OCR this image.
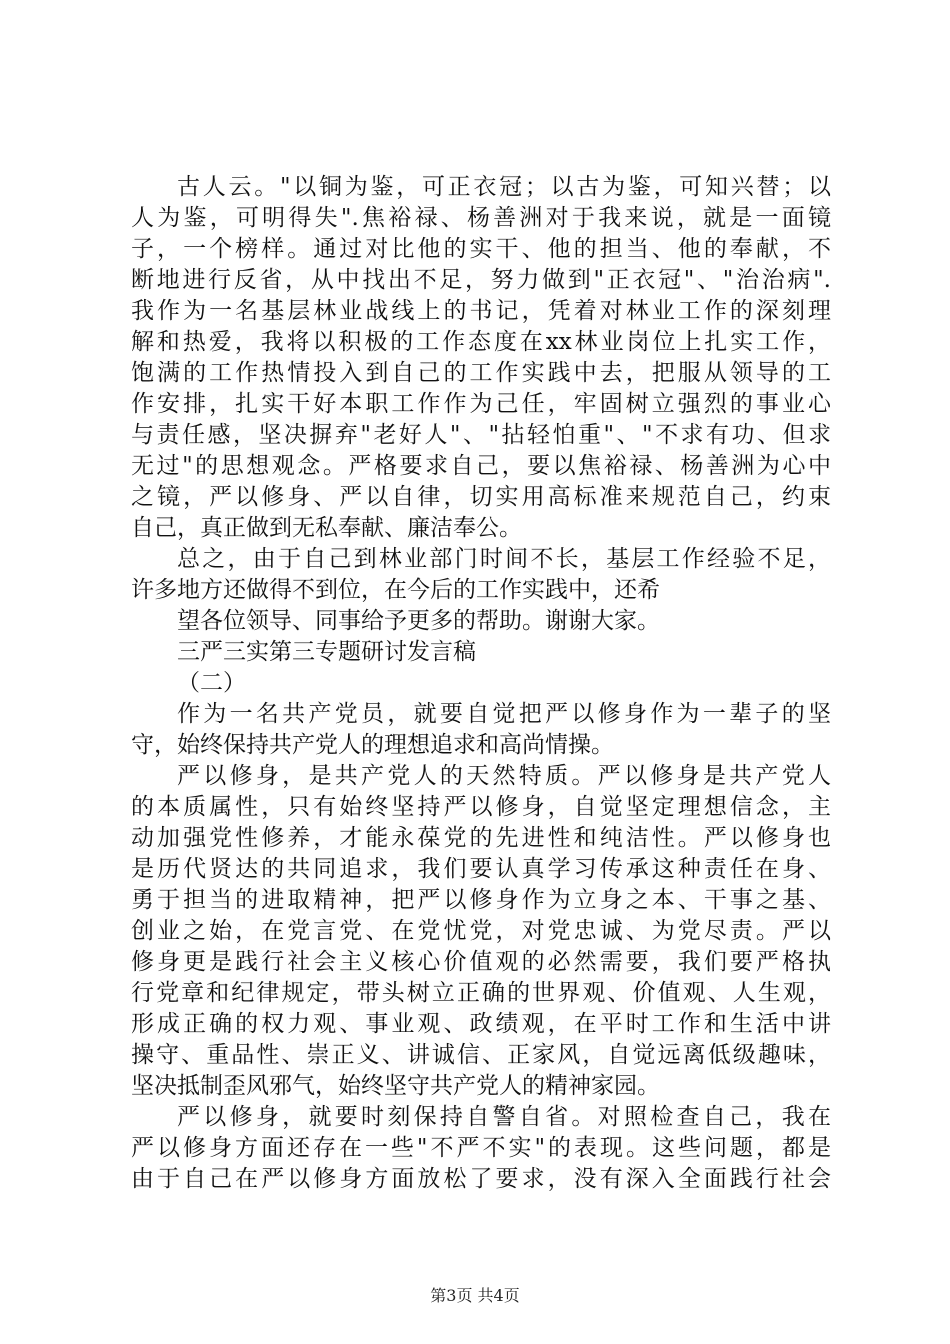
古人云。"以铜为鉴，可正衣冠；以古为鉴，可知兴替；以
人为鉴，可明得失".焦裕禄、杨善洲对于我来说，就是一面镜
子，一个榜样。通过对比他的实干、他的担当、他的奉献，不
断地进行反省，从中找出不足，努力做到"正衣冠"、"治治病".
我作为一名基层林业战线上的书记，凭着对林业工作的深刻理
解和热爱，我将以积极的工作态度在xx林业岗位上扎实工作，
饱满的工作热情投入到自己的工作实践中去，把服从领导的工
作安排，扎实干好本职工作作为己任，牢固树立强烈的事业心
与责任感，坚决摒弃"老好人"、"拈轻怕重"、"不求有功、但求
无过"的思想观念。严格要求自己，要以焦裕禄、杨善洲为心中
之镜，严以修身、严以自律，切实用高标准来规范自己，约束
自己，真正做到无私奉献、廉洁奉公。
总之，由于自己到林业部门时间不长，基层工作经验不足，
许多地方还做得不到位，在今后的工作实践中，还希
望各位领导、同事给予更多的帮助。谢谢大家。
三严三实第三专题研讨发言稿
（二）
作为一名共产党员，就要自觉把严以修身作为一辈子的坚
守，始终保持共产党人的理想追求和高尚情操。
严以修身，是共产党人的天然特质。严以修身是共产党人
的本质属性，只有始终坚持严以修身，自觉坚定理想信念，主
动加强党性修养，才能永葆党的先进性和纯洁性。严以修身也
是历代贤达的共同追求，我们要认真学习传承这种责任在身、
勇于担当的进取精神，把严以修身作为立身之本、干事之基、
创业之始，在党言党、在党忧党，对党忠诚、为党尽责。严以
修身更是践行社会主义核心价值观的必然需要，我们要严格执
行党章和纪律规定，带头树立正确的世界观、价值观、人生观，
形成正确的权力观、事业观、政绩观，在平时工作和生活中讲
操守、重品性、崇正义、讲诚信、正家风，自觉远离低级趣味，
坚决抵制歪风邪气，始终坚守共产党人的精神家园。
严以修身，就要时刻保持自警自省。对照检查自己，我在
严以修身方面还存在一些"不严不实"的表现。这些问题，都是
由于自己在严以修身方面放松了要求，没有深入全面践行社会
第3页 共4页
